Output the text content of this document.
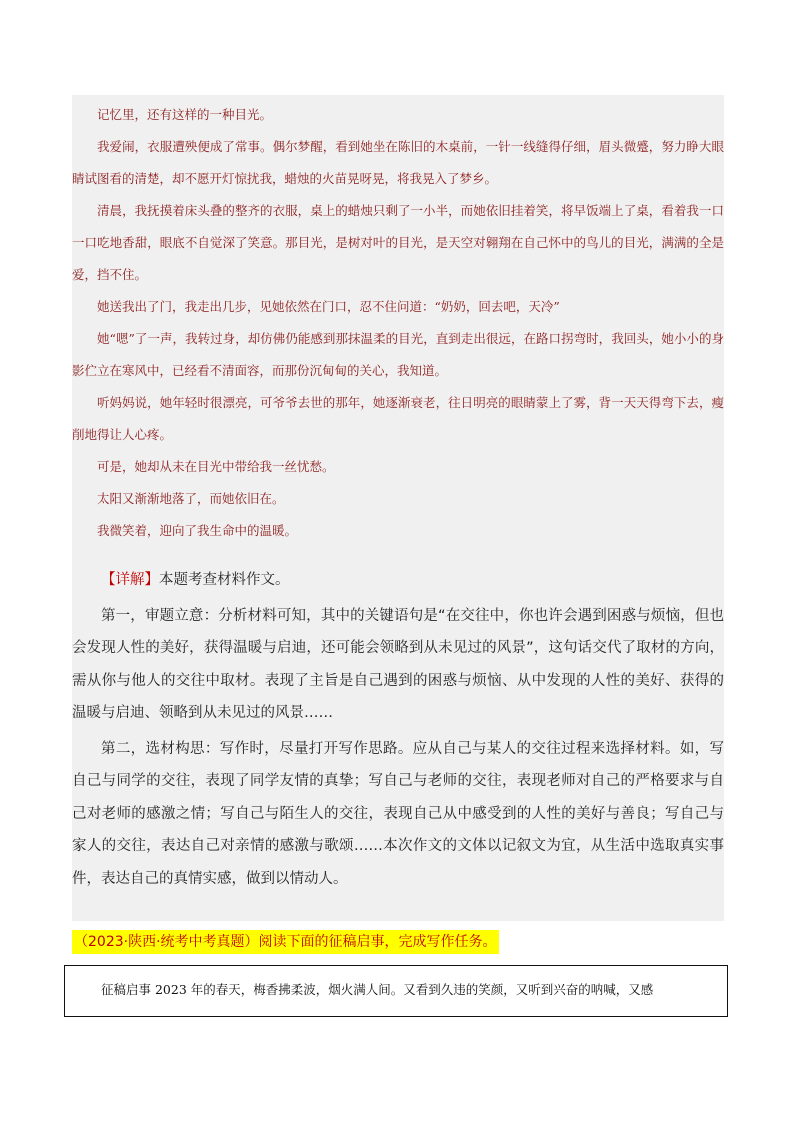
记忆里，还有这样的一种目光。

我爱闹，衣服遭殃便成了常事。偶尔梦醒，看到她坐在陈旧的木桌前，一针一线缝得仔细，眉头微蹙，努力睁大眼睛试图看的清楚，却不愿开灯惊扰我，蜡烛的火苗晃呀晃，将我晃入了梦乡。

清晨，我抚摸着床头叠的整齐的衣服，桌上的蜡烛只剩了一小半，而她依旧挂着笑，将早饭端上了桌，看着我一口一口吃地香甜，眼底不自觉深了笑意。那目光，是树对叶的目光，是天空对翱翔在自己怀中的鸟儿的目光，满满的全是爱，挡不住。

她送我出了门，我走出几步，见她依然在门口，忍不住问道：“奶奶，回去吧，天冷”

她“嗯”了一声，我转过身，却仿佛仍能感到那抹温柔的目光，直到走出很远，在路口拐弯时，我回头，她小小的身影伫立在寒风中，已经看不清面容，而那份沉甸甸的关心，我知道。

听妈妈说，她年轻时很漂亮，可爷爷去世的那年，她逐渐衰老，往日明亮的眼睛蒙上了雾，背一天天得弯下去，瘦削地得让人心疼。

可是，她却从未在目光中带给我一丝忧愁。

太阳又渐渐地落了，而她依旧在。

我微笑着，迎向了我生命中的温暖。

【详解】本题考查材料作文。

第一，审题立意：分析材料可知，其中的关键语句是“在交往中，你也许会遇到困惑与烦恼，但也会发现人性的美好，获得温暖与启迪，还可能会领略到从未见过的风景”，这句话交代了取材的方向，需从你与他人的交往中取材。表现了主旨是自己遇到的困惑与烦恼、从中发现的人性的美好、获得的温暖与启迪、领略到从未见过的风景……

第二，选材构思：写作时，尽量打开写作思路。应从自己与某人的交往过程来选择材料。如，写自己与同学的交往，表现了同学友情的真挚；写自己与老师的交往，表现老师对自己的严格要求与自己对老师的感激之情；写自己与陌生人的交往，表现自己从中感受到的人性的美好与善良；写自己与家人的交往，表达自己对亲情的感激与歌颂……本次作文的文体以记叙文为宜，从生活中选取真实事件，表达自己的真情实感，做到以情动人。

（2023·陕西·统考中考真题）阅读下面的征稿启事，完成写作任务。
征稿启事 2023 年的春天，梅香拂柔波，烟火满人间。又看到久违的笑颜，又听到兴奋的呐喊，又感
